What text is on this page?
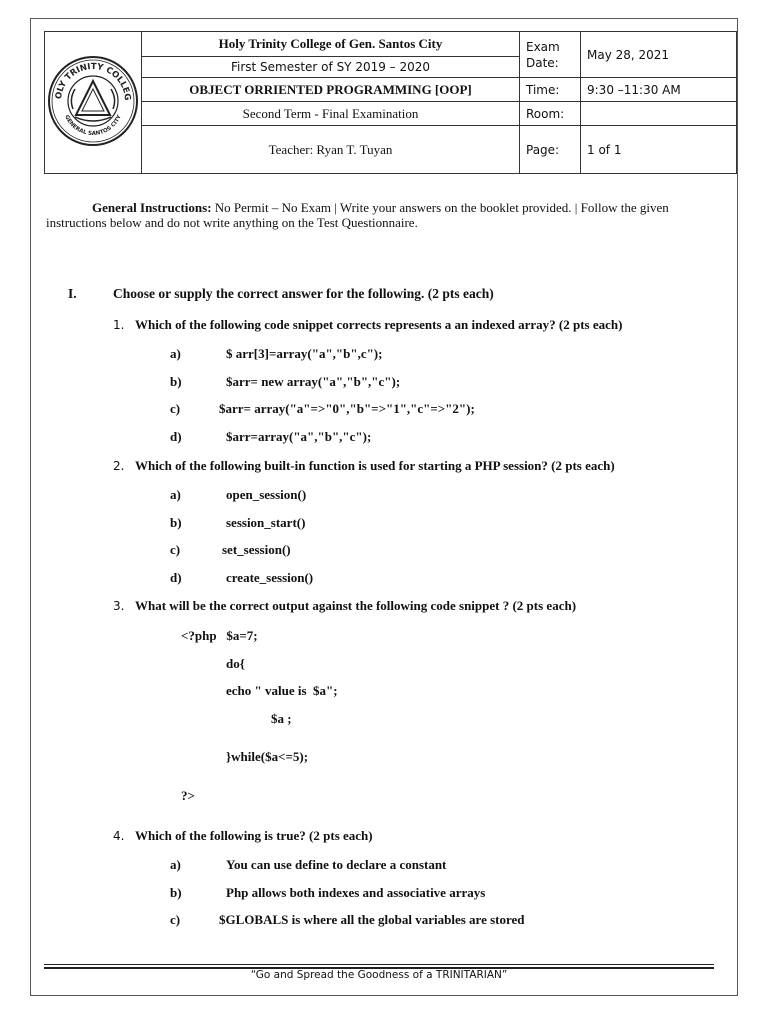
OLY TRINITY COLLEG
GENERAL SANTOS CITY	Holy Trinity College of Gen. Santos City	Exam Date:	May 28, 2021
	First Semester of SY 2019 – 2020		
	OBJECT ORRIENTED PROGRAMMING [OOP]	Time:	9:30 –11:30 AM
	Second Term - Final Examination	Room:	
	Teacher: Ryan T. Tuyan	Page:	1 of 1
General Instructions: No Permit – No Exam | Write your answers on the booklet provided. | Follow the given instructions below and do not write anything on the Test Questionnaire.
I.	Choose or supply the correct answer for the following. (2 pts each)
1. Which of the following code snippet corrects represents a an indexed array? (2 pts each)
a)	$ arr[3]=array("a","b",c");
b)	$arr= new array("a","b","c");
c)	$arr= array("a"=>"0","b"=>"1","c"=>"2");
d)	$arr=array("a","b","c");
2. Which of the following built-in function is used for starting a PHP session? (2 pts each)
a)	open_session()
b)	session_start()
c)	set_session()
d)	create_session()
3. What will be the correct output against the following code snippet ? (2 pts each)
<?php   $a=7;
do{
echo " value is  $a";
$a ;
}while($a<=5);
?>
4. Which of the following is true? (2 pts each)
a)	You can use define to declare a constant
b)	Php allows both indexes and associative arrays
c)	$GLOBALS is where all the global variables are stored
“Go and Spread the Goodness of a TRINITARIAN”
